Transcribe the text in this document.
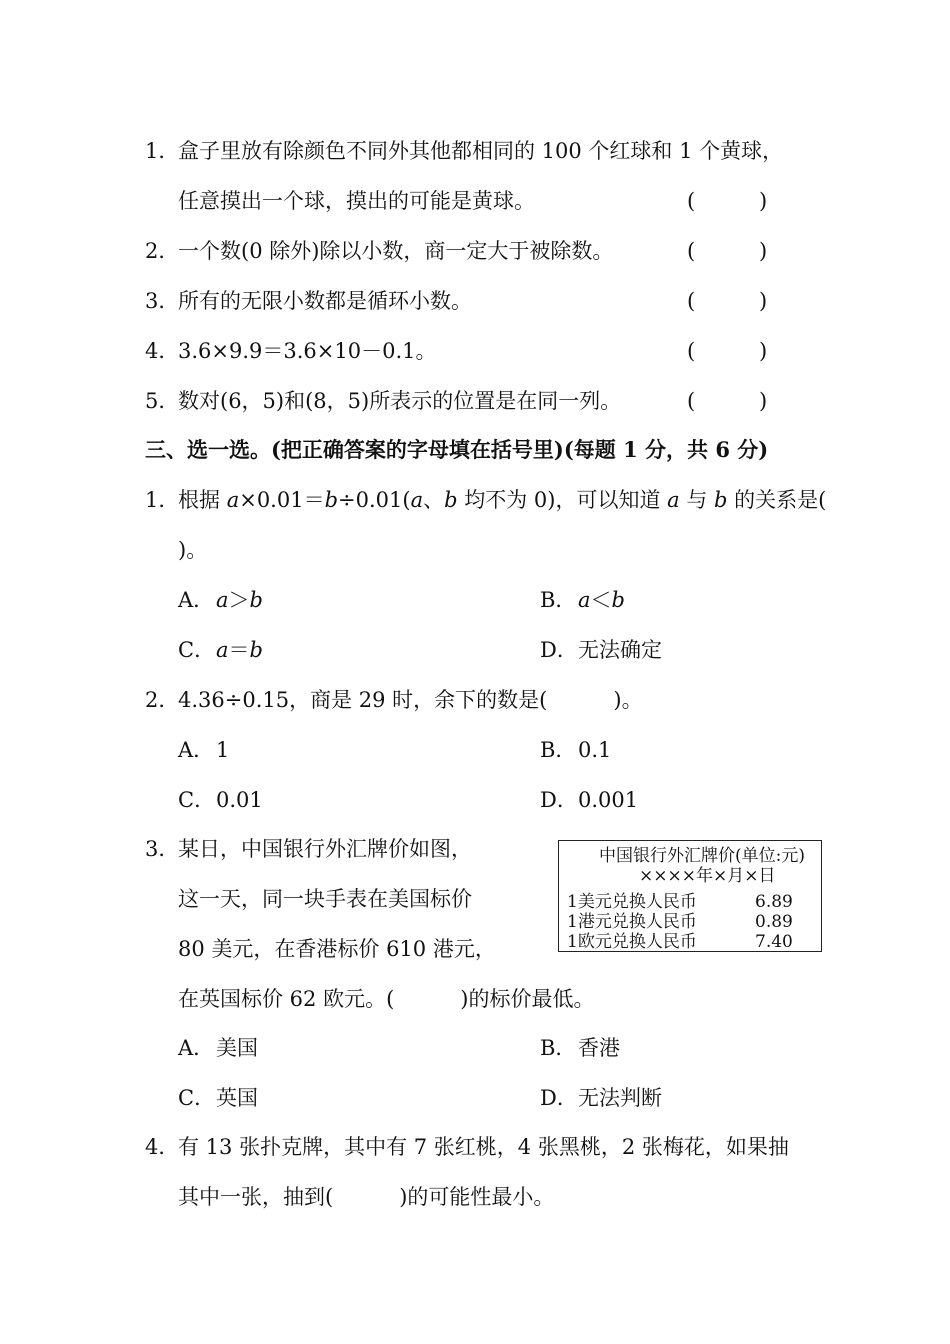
1．盒子里放有除颜色不同外其他都相同的 100 个红球和 1 个黄球，
任意摸出一个球，摸出的可能是黄球。	(	)
2．一个数(0 除外)除以小数，商一定大于被除数。	(	)
3．所有的无限小数都是循环小数。	(	)
4．3.6×9.9＝3.6×10－0.1。	(	)
5．数对(6，5)和(8，5)所表示的位置是在同一列。	(	)
三、选一选。(把正确答案的字母填在括号里)(每题 1 分，共 6 分)
1．根据 a×0.01＝b÷0.01(a、b 均不为 0)，可以知道 a 与 b 的关系是(
)。
A．a＞b	B．a＜b
C．a＝b	D．无法确定
2．4.36÷0.15，商是 29 时，余下的数是(	)。
A．1	B．0.1
C．0.01	D．0.001
3．某日，中国银行外汇牌价如图，
这一天，同一块手表在美国标价
80 美元，在香港标价 610 港元，
在英国标价 62 欧元。(	)的标价最低。
中国银行外汇牌价(单位:元)
××××年×月×日
1美元兑换人民币	6.89
1港元兑换人民币	0.89
1欧元兑换人民币	7.40
A．美国	B．香港
C．英国	D．无法判断
4．有 13 张扑克牌，其中有 7 张红桃，4 张黑桃，2 张梅花，如果抽
其中一张，抽到(	)的可能性最小。
